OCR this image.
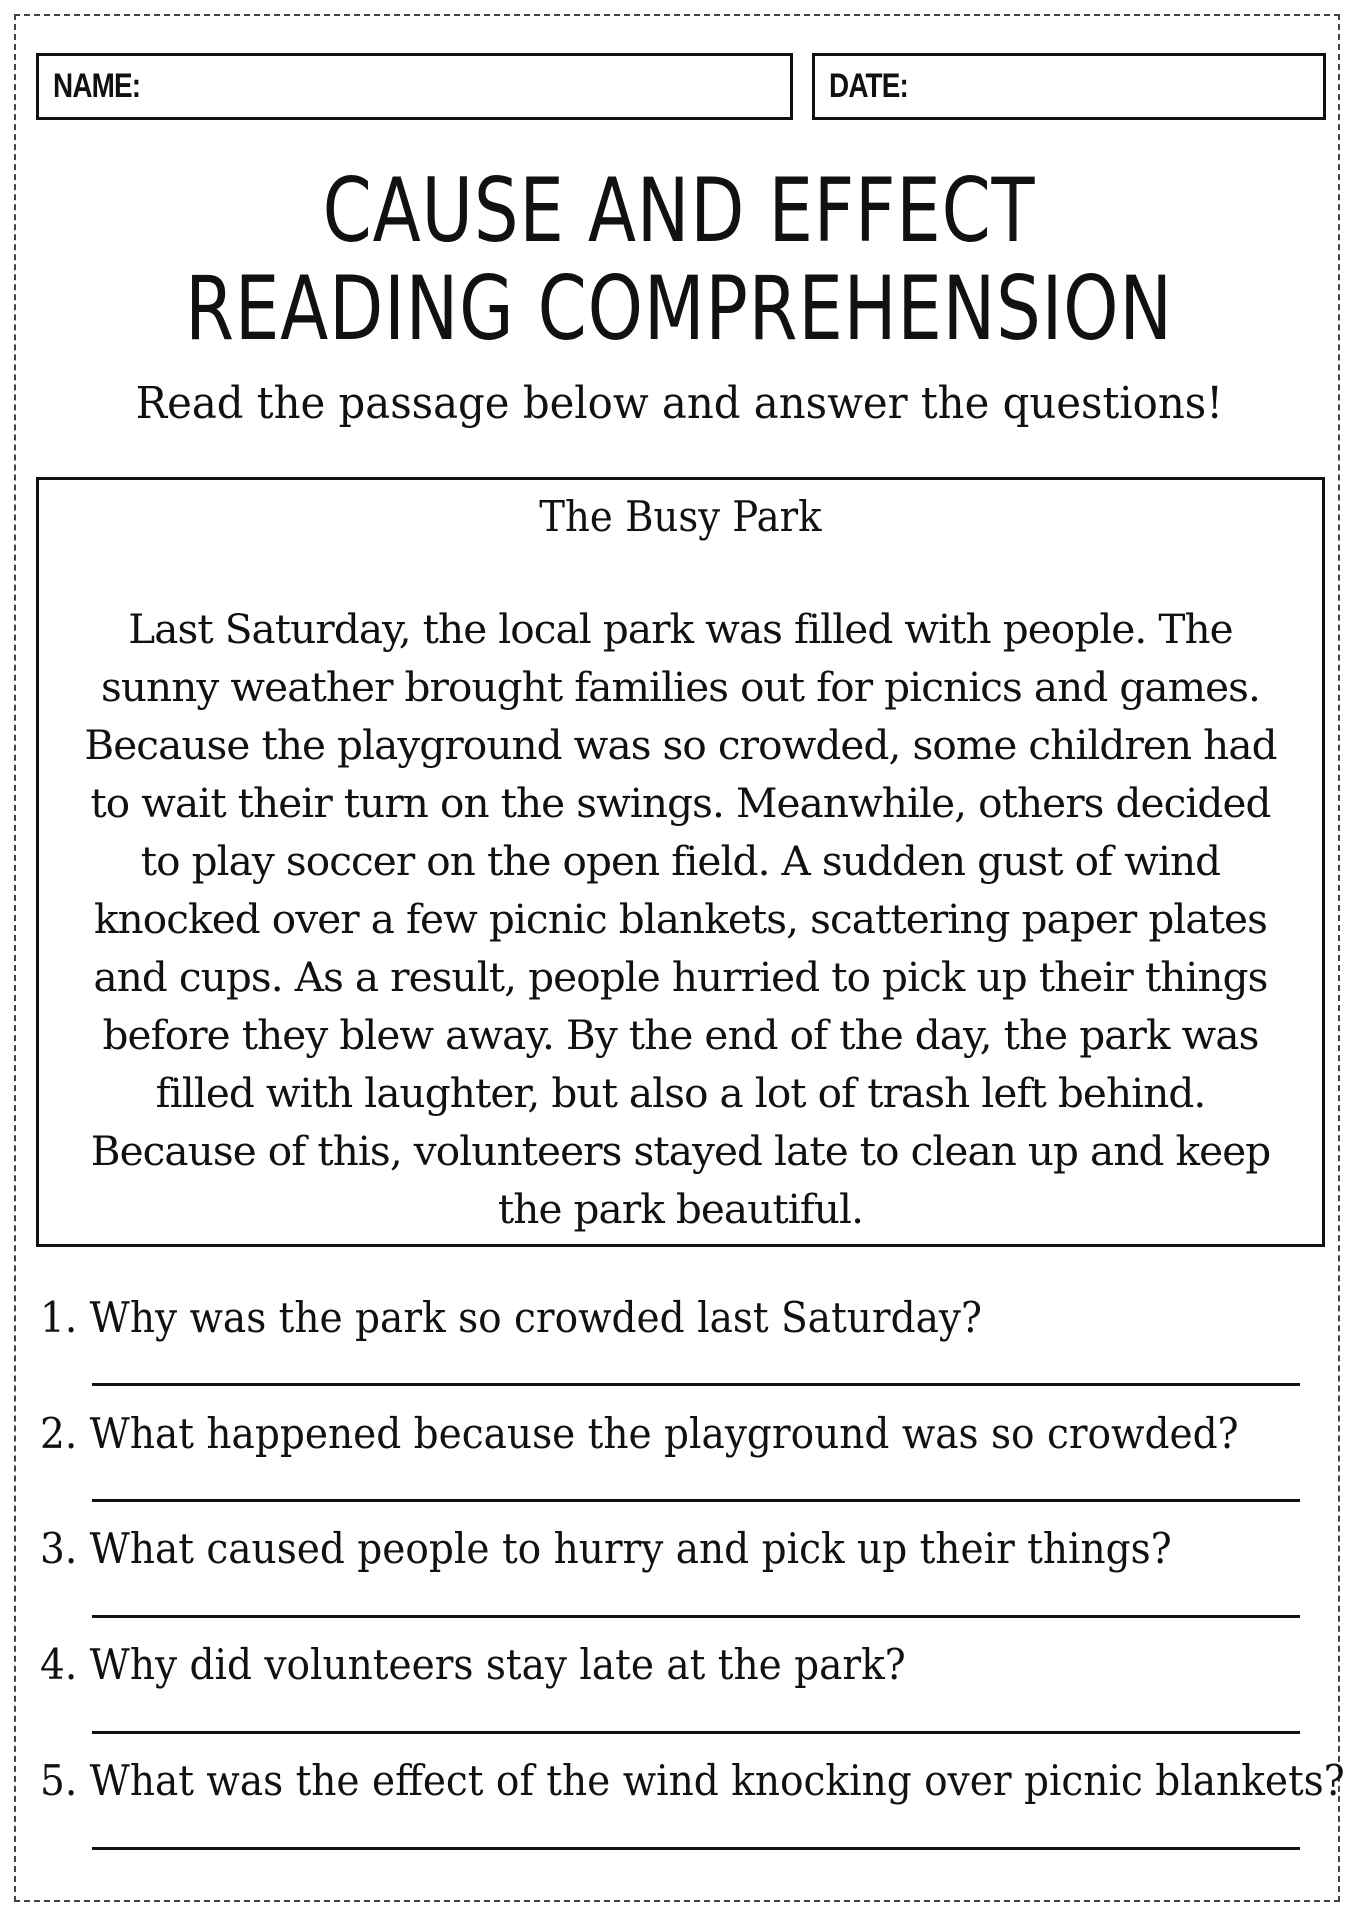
NAME:	DATE:
CAUSE AND EFFECT
READING COMPREHENSION
Read the passage below and answer the questions!
The Busy Park
Last Saturday, the local park was filled with people. The sunny weather brought families out for picnics and games. Because the playground was so crowded, some children had to wait their turn on the swings. Meanwhile, others decided to play soccer on the open field. A sudden gust of wind knocked over a few picnic blankets, scattering paper plates and cups. As a result, people hurried to pick up their things before they blew away. By the end of the day, the park was filled with laughter, but also a lot of trash left behind. Because of this, volunteers stayed late to clean up and keep the park beautiful.
1. Why was the park so crowded last Saturday?
2. What happened because the playground was so crowded?
3. What caused people to hurry and pick up their things?
4. Why did volunteers stay late at the park?
5. What was the effect of the wind knocking over picnic blankets?
